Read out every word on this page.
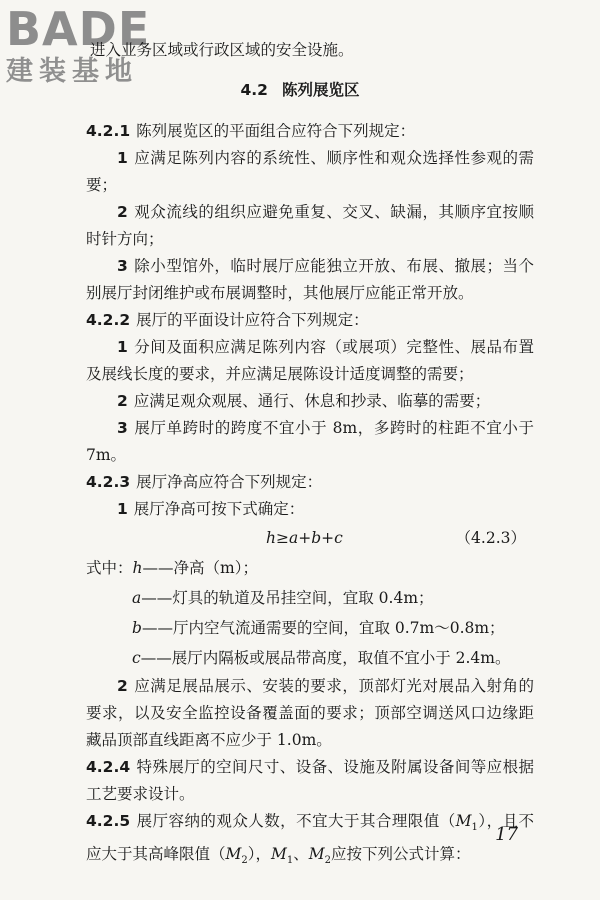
BADE
建装基地
进入业务区域或行政区域的安全设施。
4.2 陈列展览区

4.2.1 陈列展览区的平面组合应符合下列规定：

1 应满足陈列内容的系统性、顺序性和观众选择性参观的需要；

2 观众流线的组织应避免重复、交叉、缺漏，其顺序宜按顺时针方向；

3 除小型馆外，临时展厅应能独立开放、布展、撤展；当个别展厅封闭维护或布展调整时，其他展厅应能正常开放。

4.2.2 展厅的平面设计应符合下列规定：

1 分间及面积应满足陈列内容（或展项）完整性、展品布置及展线长度的要求，并应满足展陈设计适度调整的需要；

2 应满足观众观展、通行、休息和抄录、临摹的需要；

3 展厅单跨时的跨度不宜小于 8m，多跨时的柱距不宜小于 7m。

4.2.3 展厅净高应符合下列规定：

1 展厅净高可按下式确定：

h≥a+b+c	（4.2.3）
式中：h——净高（m）；
a——灯具的轨道及吊挂空间，宜取 0.4m；
b——厅内空气流通需要的空间，宜取 0.7m～0.8m；
c——展厅内隔板或展品带高度，取值不宜小于 2.4m。

2 应满足展品展示、安装的要求，顶部灯光对展品入射角的要求，以及安全监控设备覆盖面的要求；顶部空调送风口边缘距藏品顶部直线距离不应少于 1.0m。

4.2.4 特殊展厅的空间尺寸、设备、设施及附属设备间等应根据工艺要求设计。

4.2.5 展厅容纳的观众人数，不宜大于其合理限值$(M_1)$，且不应大于其高峰限值$(M_2)$，$M_1$、$M_2$应按下列公式计算：

17
